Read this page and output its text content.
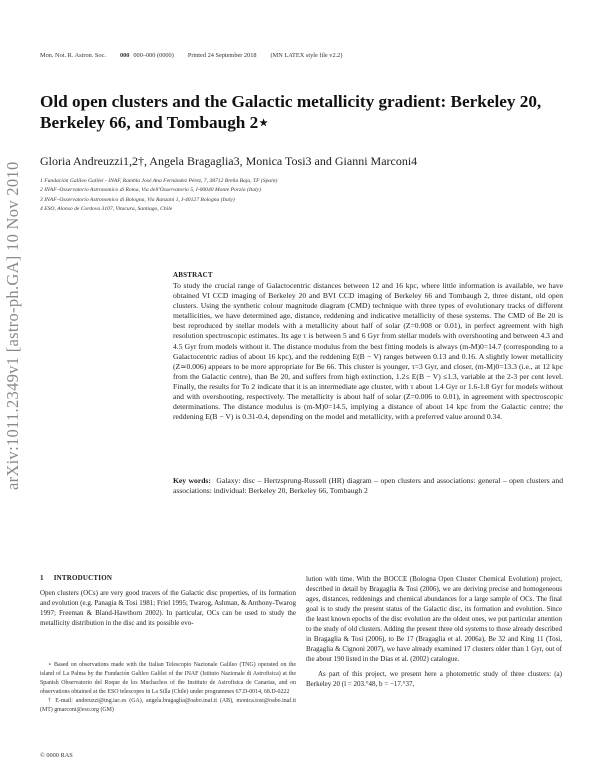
Mon. Not. R. Astron. Soc. 000 000–000 (0000) Printed 24 September 2018 (MN LATEX style file v2.2)
Old open clusters and the Galactic metallicity gradient: Berkeley 20, Berkeley 66, and Tombaugh 2⋆
Gloria Andreuzzi1,2†, Angela Bragaglia3, Monica Tosi3 and Gianni Marconi4
1 Fundación Galileo Galilei - INAF, Rambla José Ana Fernández Pérez, 7, 38712 Breña Baja, TF (Spain)
2 INAF–Osservatorio Astronomico di Roma, Via dell'Osservatorio 5, I-00040 Monte Porzio (Italy)
3 INAF–Osservatorio Astronomico di Bologna, Via Ranzani 1, I-40127 Bologna (Italy)
4 ESO, Alonso de Cordova 3107, Vitacura, Santiago, Chile
arXiv:1011.2349v1 [astro-ph.GA] 10 Nov 2010	ABSTRACT
To study the crucial range of Galactocentric distances between 12 and 16 kpc, where little information is available, we have obtained VI CCD imaging of Berkeley 20 and BVI CCD imaging of Berkeley 66 and Tombaugh 2, three distant, old open clusters. Using the synthetic colour magnitude diagram (CMD) technique with three types of evolutionary tracks of different metallicities, we have determined age, distance, reddening and indicative metallicity of these systems. The CMD of Be 20 is best reproduced by stellar models with a metallicity about half of solar (Z=0.008 or 0.01), in perfect agreement with high resolution spectroscopic estimates. Its age τ is between 5 and 6 Gyr from stellar models with overshooting and between 4.3 and 4.5 Gyr from models without it. The distance modulus from the best fitting models is always (m-M)0=14.7 (corresponding to a Galactocentric radius of about 16 kpc), and the reddening E(B − V) ranges between 0.13 and 0.16. A slightly lower metallicity (Z≃0.006) appears to be more appropriate for Be 66. This cluster is younger, τ=3 Gyr, and closer, (m-M)0=13.3 (i.e., at 12 kpc from the Galactic centre), than Be 20, and suffers from high extinction, 1.2≤ E(B − V) ≤1.3, variable at the 2-3 per cent level. Finally, the results for To 2 indicate that it is an intermediate age cluster, with τ about 1.4 Gyr or 1.6-1.8 Gyr for models without and with overshooting, respectively. The metallicity is about half of solar (Z=0.006 to 0.01), in agreement with spectroscopic determinations. The distance modulus is (m-M)0=14.5, implying a distance of about 14 kpc from the Galactic centre; the reddening E(B − V) is 0.31-0.4, depending on the model and metallicity, with a preferred value around 0.34.
Key words: Galaxy: disc – Hertzsprung-Russell (HR) diagram – open clusters and associations: general – open clusters and associations: individual: Berkeley 20, Berkeley 66, Tombaugh 2
1 INTRODUCTION
Open clusters (OCs) are very good tracers of the Galactic disc properties, of its formation and evolution (e.g. Panagia & Tosi 1981; Friel 1995; Twarog, Ashman, & Anthony-Twarog 1997; Freeman & Bland-Hawthorn 2002). In particular, OCs can be used to study the metallicity distribution in the disc and its possible evo-

lution with time. With the BOCCE (Bologna Open Cluster Chemical Evolution) project, described in detail by Bragaglia & Tosi (2006), we are deriving precise and homogeneous ages, distances, reddenings and chemical abundances for a large sample of OCs. The final goal is to study the present status of the Galactic disc, its formation and evolution. Since the least known epochs of the disc evolution are the oldest ones, we put particular attention to the study of old clusters. Adding the present three old systems to those already described in Bragaglia & Tosi (2006), to Be 17 (Bragaglia et al. 2006a), Be 32 and King 11 (Tosi, Bragaglia & Cignoni 2007), we have already examined 17 clusters older than 1 Gyr, out of the about 190 listed in the Dias et al. (2002) catalogue.

As part of this project, we present here a photometric study of three clusters: (a) Berkeley 20 (l = 203.°48, b = −17.°37,

⋆ Based on observations made with the Italian Telescopio Nazionale Galileo (TNG) operated on the island of La Palma by the Fundación Galileo Galilei of the INAF (Istituto Nazionale di Astrofisica) at the Spanish Observatorio del Roque de los Muchachos of the Instituto de Astrofisica de Canarias, and on observations obtained at the ESO telescopes in La Silla (Chile) under programmes 67.D-0014, 68.D-0222

† E-mail: andreuzzi@tng.iac.es (GA), angela.bragaglia@oabo.inaf.it (AB), monica.tosi@oabo.inaf.it (MT) gmarconi@eso.org (GM)

© 0000 RAS
